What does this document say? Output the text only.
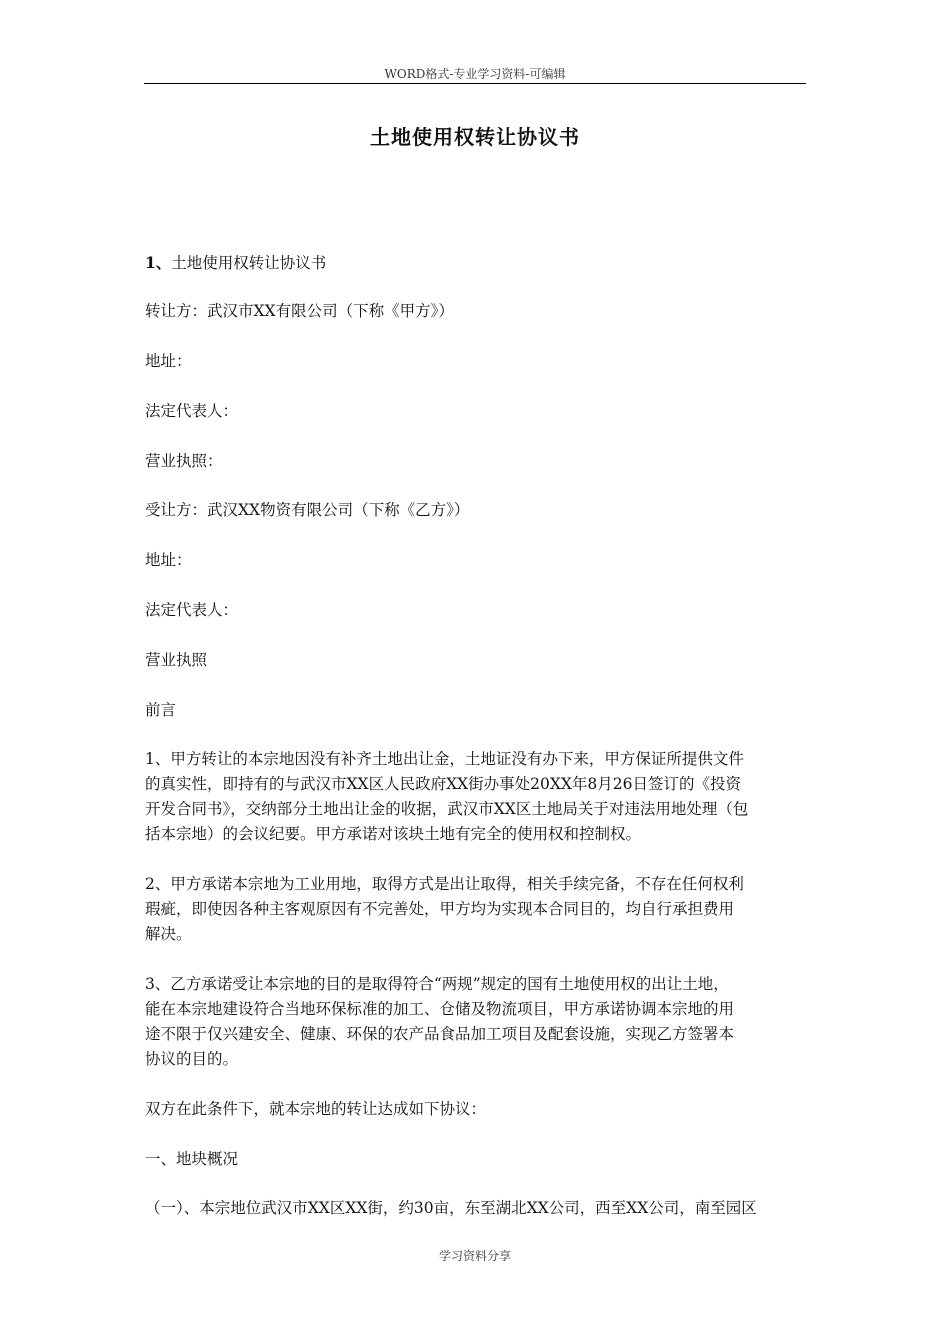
WORD格式-专业学习资料-可编辑
土地使用权转让协议书

1、土地使用权转让协议书

转让方：武汉市XX有限公司（下称《甲方》）

地址：

法定代表人：

营业执照：

受让方：武汉XX物资有限公司（下称《乙方》）

地址：

法定代表人：

营业执照

前言

1、甲方转让的本宗地因没有补齐土地出让金，土地证没有办下来，甲方保证所提供文件
的真实性，即持有的与武汉市XX区人民政府XX街办事处20XX年8月26日签订的《投资
开发合同书》，交纳部分土地出让金的收据，武汉市XX区土地局关于对违法用地处理（包
括本宗地）的会议纪要。甲方承诺对该块土地有完全的使用权和控制权。
2、甲方承诺本宗地为工业用地，取得方式是出让取得，相关手续完备，不存在任何权利
瑕疵，即使因各种主客观原因有不完善处，甲方均为实现本合同目的，均自行承担费用
解决。
3、乙方承诺受让本宗地的目的是取得符合“两规”规定的国有土地使用权的出让土地，
能在本宗地建设符合当地环保标准的加工、仓储及物流项目，甲方承诺协调本宗地的用
途不限于仅兴建安全、健康、环保的农产品食品加工项目及配套设施，实现乙方签署本
协议的目的。

双方在此条件下，就本宗地的转让达成如下协议：

一、地块概况

（一）、本宗地位武汉市XX区XX街，约30亩，东至湖北XX公司，西至XX公司，南至园区

学习资料分享
